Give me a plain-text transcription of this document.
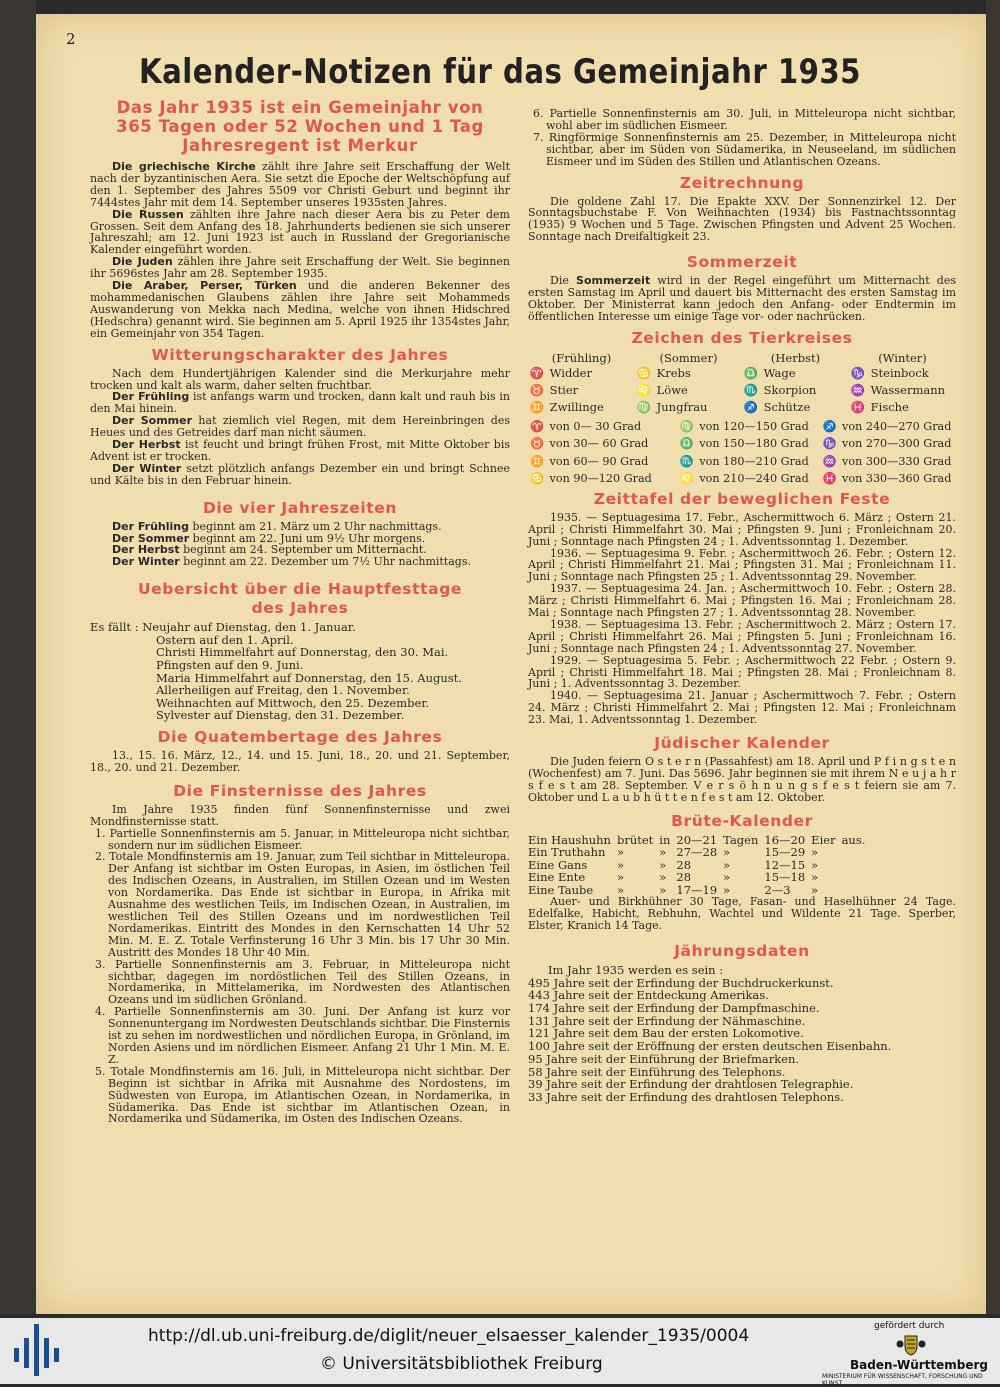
2
Kalender-Notizen für das Gemeinjahr 1935
Das Jahr 1935 ist ein Gemeinjahr von
365 Tagen oder 52 Wochen und 1 Tag
Jahresregent ist Merkur

Die griechische Kirche zählt ihre Jahre seit Erschaffung der Welt nach der byzantinischen Aera. Sie setzt die Epoche der Weltschöpfung auf den 1. September des Jahres 5509 vor Christi Geburt und beginnt ihr 7444stes Jahr mit dem 14. September unseres 1935sten Jahres.

Die Russen zählten ihre Jahre nach dieser Aera bis zu Peter dem Grossen. Seit dem Anfang des 18. Jahrhunderts bedienen sie sich unserer Jahreszahl; am 12. Juni 1923 ist auch in Russland der Gregorianische Kalender eingeführt worden.

Die Juden zählen ihre Jahre seit Erschaffung der Welt. Sie beginnen ihr 5696stes Jahr am 28. September 1935.

Die Araber, Perser, Türken und die anderen Bekenner des mohammedanischen Glaubens zählen ihre Jahre seit Mohammeds Auswanderung von Mekka nach Medina, welche von ihnen Hidschred (Hedschra) genannt wird. Sie beginnen am 5. April 1925 ihr 1354stes Jahr, ein Gemeinjahr von 354 Tagen.

Witterungscharakter des Jahres

Nach dem Hundertjährigen Kalender sind die Merkurjahre mehr trocken und kalt als warm, daher selten fruchtbar.

Der Frühling ist anfangs warm und trocken, dann kalt und rauh bis in den Mai hinein.

Der Sommer hat ziemlich viel Regen, mit dem Hereinbringen des Heues und des Getreides darf man nicht säumen.

Der Herbst ist feucht und bringt frühen Frost, mit Mitte Oktober bis Advent ist er trocken.

Der Winter setzt plötzlich anfangs Dezember ein und bringt Schnee und Kälte bis in den Februar hinein.

Die vier Jahreszeiten

Der Frühling beginnt am 21. März um 2 Uhr nachmittags.

Der Sommer beginnt am 22. Juni um 9½ Uhr morgens.

Der Herbst beginnt am 24. September um Mitternacht.

Der Winter beginnt am 22. Dezember um 7½ Uhr nachmittags.

Uebersicht über die Hauptfesttage
des Jahres
Es fällt : Neujahr auf Dienstag, den 1. Januar.
Ostern auf den 1. April.
Christi Himmelfahrt auf Donnerstag, den 30. Mai.
Pfingsten auf den 9. Juni.
Maria Himmelfahrt auf Donnerstag, den 15. August.
Allerheiligen auf Freitag, den 1. November.
Weihnachten auf Mittwoch, den 25. Dezember.
Sylvester auf Dienstag, den 31. Dezember.
Die Quatembertage des Jahres

13., 15. 16. März, 12., 14. und 15. Juni, 18., 20. und 21. September, 18., 20. und 21. Dezember.

Die Finsternisse des Jahres

Im Jahre 1935 finden fünf Sonnenfinsternisse und zwei Mondfinsternisse statt.

1. Partielle Sonnenfinsternis am 5. Januar, in Mitteleuropa nicht sichtbar, sondern nur im südlichen Eismeer.
2. Totale Mondfinsternis am 19. Januar, zum Teil sichtbar in Mitteleuropa. Der Anfang ist sichtbar im Osten Europas, in Asien, im östlichen Teil des Indischen Ozeans, in Australien, im Stillen Ozean und im Westen von Nordamerika. Das Ende ist sichtbar in Europa, in Afrika mit Ausnahme des westlichen Teils, im Indischen Ozean, in Australien, im westlichen Teil des Stillen Ozeans und im nordwestlichen Teil Nordamerikas. Eintritt des Mondes in den Kernschatten 14 Uhr 52 Min. M. E. Z. Totale Verfinsterung 16 Uhr 3 Min. bis 17 Uhr 30 Min. Austritt des Mondes 18 Uhr 40 Min.
3. Partielle Sonnenfinsternis am 3. Februar, in Mitteleuropa nicht sichtbar, dagegen im nordöstlichen Teil des Stillen Ozeans, in Nordamerika, in Mittelamerika, im Nordwesten des Atlantischen Ozeans und im südlichen Grönland.
4. Partielle Sonnenfinsternis am 30. Juni. Der Anfang ist kurz vor Sonnenuntergang im Nordwesten Deutschlands sichtbar. Die Finsternis ist zu sehen im nordwestlichen und nördlichen Europa, in Grönland, im Norden Asiens und im nördlichen Eismeer. Anfang 21 Uhr 1 Min. M. E. Z.
5. Totale Mondfinsternis am 16. Juli, in Mitteleuropa nicht sichtbar. Der Beginn ist sichtbar in Afrika mit Ausnahme des Nordostens, im Südwesten von Europa, im Atlantischen Ozean, in Nordamerika, in Südamerika. Das Ende ist sichtbar im Atlantischen Ozean, in Nordamerika und Südamerika, im Osten des Indischen Ozeans.
6. Partielle Sonnenfinsternis am 30. Juli, in Mitteleuropa nicht sichtbar, wohl aber im südlichen Eismeer.
7. Ringförmige Sonnenfinsternis am 25. Dezember, in Mitteleuropa nicht sichtbar, aber im Süden von Südamerika, in Neuseeland, im südlichen Eismeer und im Süden des Stillen und Atlantischen Ozeans.
Zeitrechnung

Die goldene Zahl 17. Die Epakte XXV. Der Sonnenzirkel 12. Der Sonntagsbuchstabe F. Von Weihnachten (1934) bis Fastnachtssonntag (1935) 9 Wochen und 5 Tage. Zwischen Pfingsten und Advent 25 Wochen. Sonntage nach Dreifaltigkeit 23.

Sommerzeit

Die Sommerzeit wird in der Regel eingeführt um Mitternacht des ersten Samstag im April und dauert bis Mitternacht des ersten Samstag im Oktober. Der Ministerrat kann jedoch den Anfang- oder Endtermin im öffentlichen Interesse um einige Tage vor- oder nachrücken.

Zeichen des Tierkreises
(Frühling)	(Sommer)	(Herbst)	(Winter)
♈ Widder	♋ Krebs	♎ Wage	♑ Steinbock
♉ Stier	♌ Löwe	♏ Skorpion	♒ Wassermann
♊ Zwillinge	♍ Jungfrau	♐ Schütze	♓ Fische
♈ von 0— 30 Grad	♍ von 120—150 Grad	♐ von 240—270 Grad
♉ von 30— 60 Grad	♎ von 150—180 Grad	♑ von 270—300 Grad
♊ von 60— 90 Grad	♏ von 180—210 Grad	♒ von 300—330 Grad
♋ von 90—120 Grad	♌ von 210—240 Grad	♓ von 330—360 Grad
Zeittafel der beweglichen Feste

1935. — Septuagesima 17. Febr., Aschermittwoch 6. März ; Ostern 21. April ; Christi Himmelfahrt 30. Mai ; Pfingsten 9. Juni ; Fronleichnam 20. Juni ; Sonntage nach Pfingsten 24 ; 1. Adventssonntag 1. Dezember.

1936. — Septuagesima 9. Febr. ; Aschermittwoch 26. Febr. ; Ostern 12. April ; Christi Himmelfahrt 21. Mai ; Pfingsten 31. Mai ; Fronleichnam 11. Juni ; Sonntage nach Pfingsten 25 ; 1. Adventssonntag 29. November.

1937. — Septuagesima 24. Jan. ; Aschermittwoch 10. Febr. ; Ostern 28. März ; Christi Himmelfahrt 6. Mai ; Pfingsten 16. Mai ; Fronleichnam 28. Mai ; Sonntage nach Pfingsten 27 ; 1. Adventssonntag 28. November.

1938. — Septuagesima 13. Febr. ; Aschermittwoch 2. März ; Ostern 17. April ; Christi Himmelfahrt 26. Mai ; Pfingsten 5. Juni ; Fronleichnam 16. Juni ; Sonntage nach Pfingsten 24 ; 1. Adventssonntag 27. November.

1929. — Septuagesima 5. Febr. ; Aschermittwoch 22 Febr. ; Ostern 9. April ; Christi Himmelfahrt 18. Mai ; Pfingsten 28. Mai ; Fronleichnam 8. Juni ; 1. Adventssonntag 3. Dezember.

1940. — Septuagesima 21. Januar ; Aschermittwoch 7. Febr. ; Ostern 24. März ; Christi Himmelfahrt 2. Mai ; Pfingsten 12. Mai ; Fronleichnam 23. Mai, 1. Adventssonntag 1. Dezember.

Jüdischer Kalender

Die Juden feiern O s t e r n (Passahfest) am 18. April und P f i n g s t e n (Wochenfest) am 7. Juni. Das 5696. Jahr beginnen sie mit ihrem N e u j a h r s f e s t am 28. September. V e r s ö h n u n g s f e s t feiern sie am 7. Oktober und L a u b h ü t t e n f e s t am 12. Oktober.

Brüte-Kalender
Ein Haushuhn	brütet	in	20—21	Tagen	16—20	Eier	aus.
Ein Truthahn	»	»	27—28	»	15—29	»	
Eine Gans	»	»	28	»	12—15	»	
Eine Ente	»	»	28	»	15—18	»	
Eine Taube	»	»	17—19	»	2—3	»	

Auer- und Birkhühner 30 Tage, Fasan- und Haselhühner 24 Tage. Edelfalke, Habicht, Rebhuhn, Wachtel und Wildente 21 Tage. Sperber, Elster, Kranich 14 Tage.

Jährungsdaten
Im Jahr 1935 werden es sein :
495 Jahre seit der Erfindung der Buchdruckerkunst.
443 Jahre seit der Entdeckung Amerikas.
174 Jahre seit der Erfindung der Dampfmaschine.
131 Jahre seit der Erfindung der Nähmaschine.
121 Jahre seit dem Bau der ersten Lokomotive.
100 Jahre seit der Eröffnung der ersten deutschen Eisenbahn.
95 Jahre seit der Einführung der Briefmarken.
58 Jahre seit der Einführung des Telephons.
39 Jahre seit der Erfindung der drahtlosen Telegraphie.
33 Jahre seit der Erfindung des drahtlosen Telephons.
http://dl.ub.uni-freiburg.de/diglit/neuer_elsaesser_kalender_1935/0004
© Universitätsbibliothek Freiburg
gefördert durch
Baden-Württemberg
MINISTERIUM FÜR WISSENSCHAFT, FORSCHUNG UND KUNST
